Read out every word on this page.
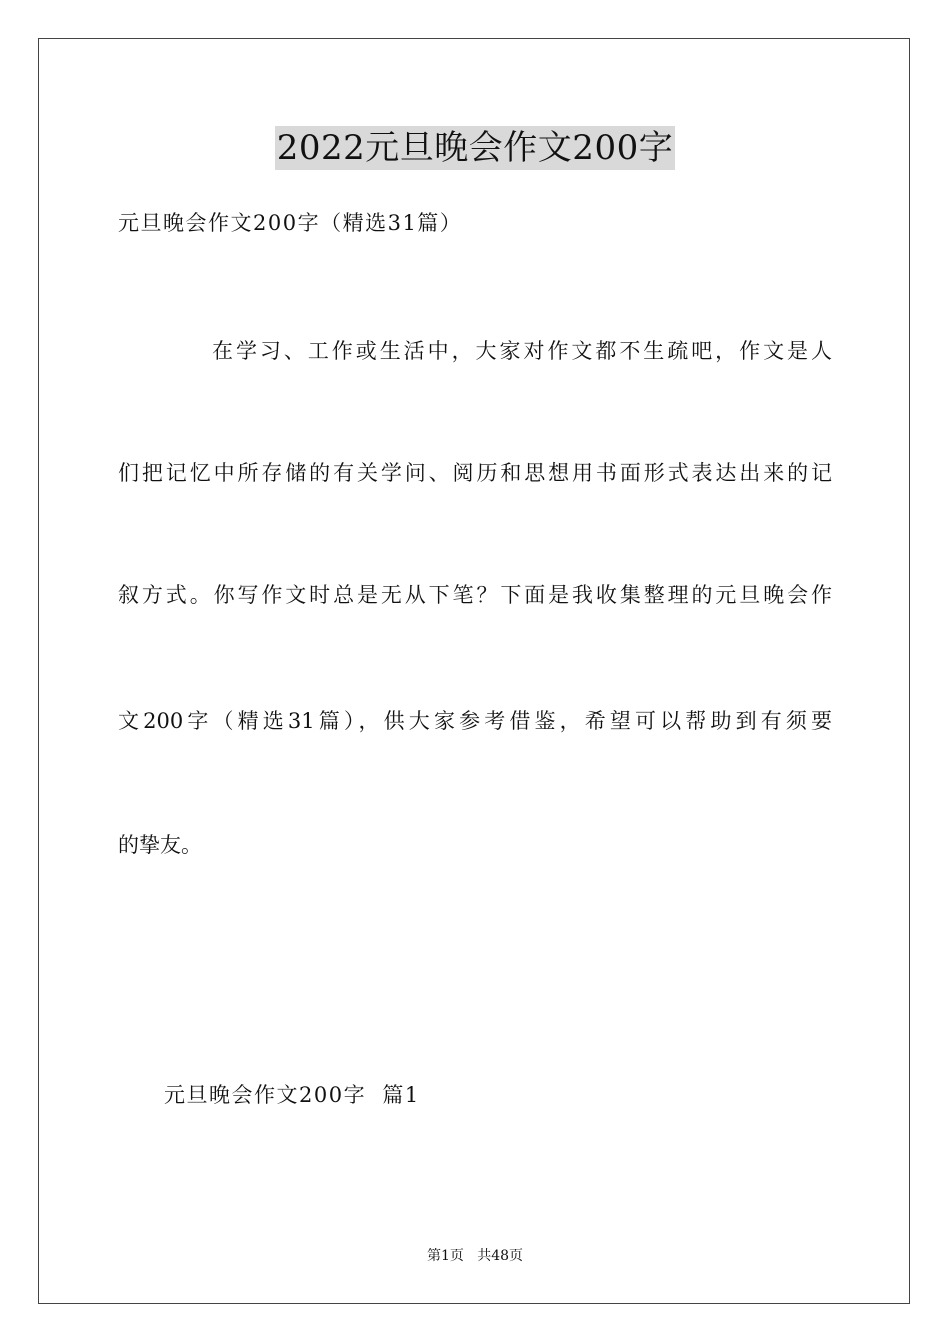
2022元旦晚会作文200字
元旦晚会作文200字（精选31篇）
在学习、工作或生活中，大家对作文都不生疏吧，作文是人
们把记忆中所存储的有关学问、阅历和思想用书面形式表达出来的记
叙方式。你写作文时总是无从下笔？下面是我收集整理的元旦晚会作
文200字（精选31篇），供大家参考借鉴，希望可以帮助到有须要
的挚友。
元旦晚会作文200字  篇1
第1页   共48页
